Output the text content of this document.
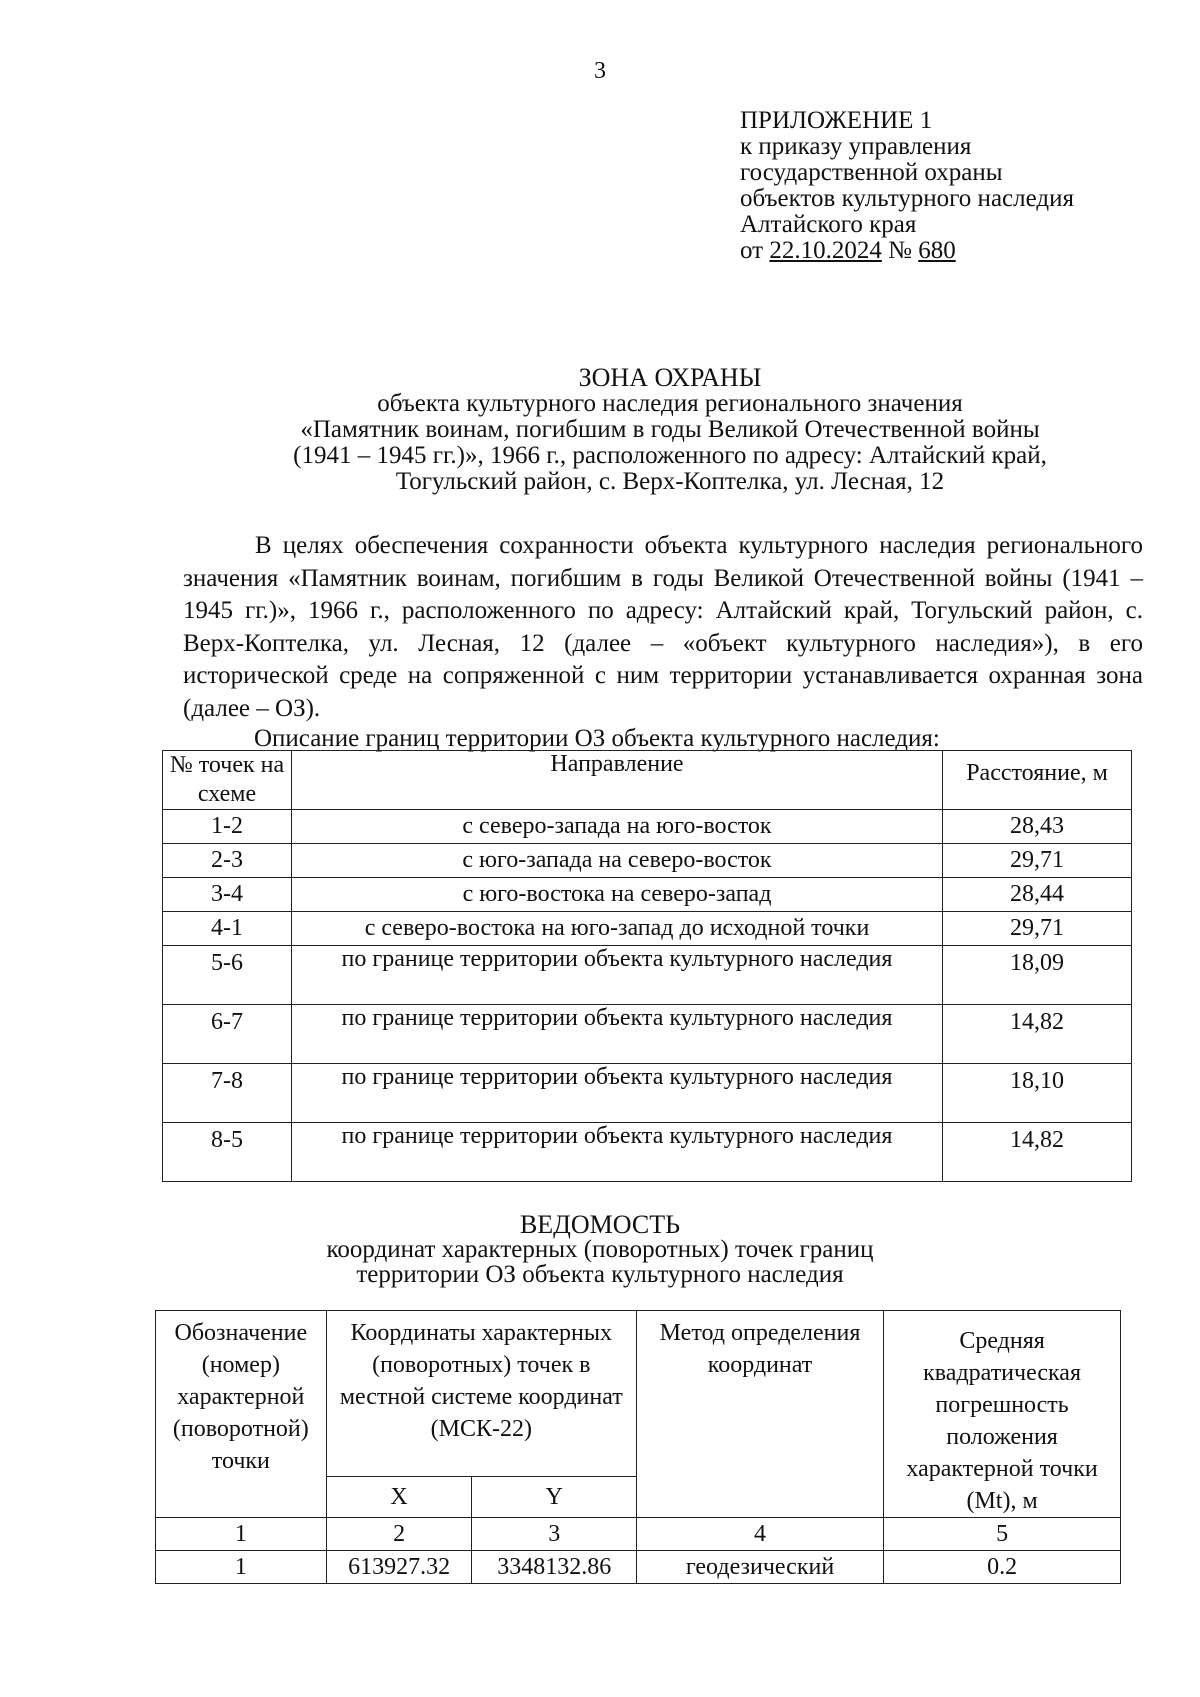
3
ПРИЛОЖЕНИЕ 1
к приказу управления
государственной охраны
объектов культурного наследия
Алтайского края
от 22.10.2024 № 680
ЗОНА ОХРАНЫ
объекта культурного наследия регионального значения
«Памятник воинам, погибшим в годы Великой Отечественной войны
(1941 – 1945 гг.)», 1966 г., расположенного по адресу: Алтайский край,
Тогульский район, с. Верх-Коптелка, ул. Лесная, 12
В целях обеспечения сохранности объекта культурного наследия регионального значения «Памятник воинам, погибшим в годы Великой Отечественной войны (1941 – 1945 гг.)», 1966 г., расположенного по адресу: Алтайский край, Тогульский район, с. Верх-Коптелка, ул. Лесная, 12 (далее – «объект культурного наследия»), в его исторической среде на сопряженной с ним территории устанавливается охранная зона (далее – ОЗ).
Описание границ территории ОЗ объекта культурного наследия:
№ точек на схеме	Направление	Расстояние, м
1-2	с северо-запада на юго-восток	28,43
2-3	с юго-запада на северо-восток	29,71
3-4	с юго-востока на северо-запад	28,44
4-1	с северо-востока на юго-запад до исходной точки	29,71
5-6	по границе территории объекта культурного наследия	18,09
6-7	по границе территории объекта культурного наследия	14,82
7-8	по границе территории объекта культурного наследия	18,10
8-5	по границе территории объекта культурного наследия	14,82
ВЕДОМОСТЬ
координат характерных (поворотных) точек границ
территории ОЗ объекта культурного наследия
Обозначение (номер) характерной (поворотной) точки	Координаты характерных (поворотных) точек в местной системе координат (МСК-22)		Метод определения координат	Средняя квадратическая погрешность положения характерной точки (Mt), м
	X	Y		
1	2	3	4	5
1	613927.32	3348132.86	геодезический	0.2
